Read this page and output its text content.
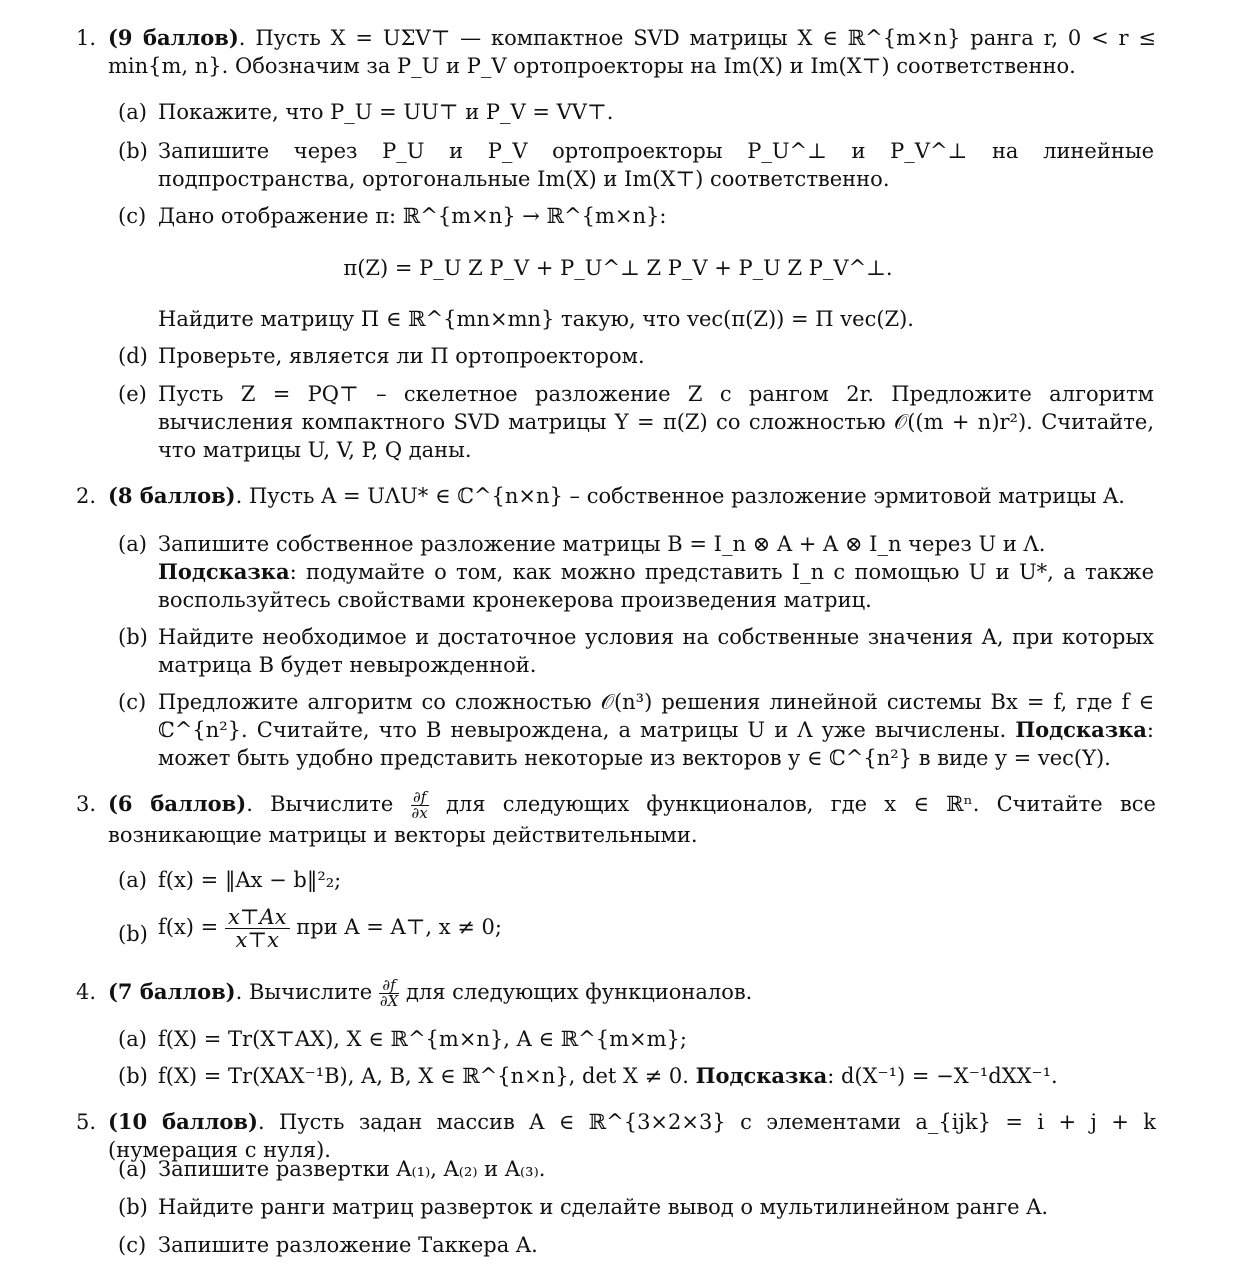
1. (9 баллов). Пусть X = UΣV⊤ — компактное SVD матрицы X ∈ ℝ^{m×n} ранга r, 0 < r ≤ min{m, n}. Обозначим за P_U и P_V ортопроекторы на Im(X) и Im(X⊤) соответственно.
(a) Покажите, что P_U = UU⊤ и P_V = VV⊤.
(b) Запишите через P_U и P_V ортопроекторы P_U^⊥ и P_V^⊥ на линейные подпространства, ортогональные Im(X) и Im(X⊤) соответственно.
(c) Дано отображение π: ℝ^{m×n} → ℝ^{m×n}:
π(Z) = P_U Z P_V + P_U^⊥ Z P_V + P_U Z P_V^⊥.
Найдите матрицу Π ∈ ℝ^{mn×mn} такую, что vec(π(Z)) = Π vec(Z).
(d) Проверьте, является ли Π ортопроектором.
(e) Пусть Z = PQ⊤ – скелетное разложение Z с рангом 2r. Предложите алгоритм вычисления компактного SVD матрицы Y = π(Z) со сложностью 𝒪((m + n)r²). Считайте, что матрицы U, V, P, Q даны.
2. (8 баллов). Пусть A = UΛU* ∈ ℂ^{n×n} – собственное разложение эрмитовой матрицы A.
(a) Запишите собственное разложение матрицы B = I_n ⊗ A + A ⊗ I_n через U и Λ.
Подсказка: подумайте о том, как можно представить I_n с помощью U и U*, а также воспользуйтесь свойствами кронекерова произведения матриц.
(b) Найдите необходимое и достаточное условия на собственные значения A, при которых матрица B будет невырожденной.
(c) Предложите алгоритм со сложностью 𝒪(n³) решения линейной системы Bx = f, где f ∈ ℂ^{n²}. Считайте, что B невырождена, а матрицы U и Λ уже вычислены. Подсказка: может быть удобно представить некоторые из векторов y ∈ ℂ^{n²} в виде y = vec(Y).
3. (6 баллов). Вычислите $\frac{\partial f}{\partial x}$ для следующих функционалов, где x ∈ ℝⁿ. Считайте все возникающие матрицы и векторы действительными.
(a) f(x) = ‖Ax − b‖²₂;
(b) $f(x) = \frac{x⊤Ax}{x⊤x}$ при A = A⊤, x ≠ 0;
4. (7 баллов). Вычислите $\frac{\partial f}{\partial X}$ для следующих функционалов.
(a) f(X) = Tr(X⊤AX), X ∈ ℝ^{m×n}, A ∈ ℝ^{m×m};
(b) f(X) = Tr(XAX⁻¹B), A, B, X ∈ ℝ^{n×n}, det X ≠ 0. Подсказка: d(X⁻¹) = −X⁻¹dXX⁻¹.
5. (10 баллов). Пусть задан массив A ∈ ℝ^{3×2×3} с элементами a_{ijk} = i + j + k (нумерация с нуля).
(a) Запишите развертки A₍₁₎, A₍₂₎ и A₍₃₎.
(b) Найдите ранги матриц разверток и сделайте вывод о мультилинейном ранге A.
(c) Запишите разложение Таккера A.
